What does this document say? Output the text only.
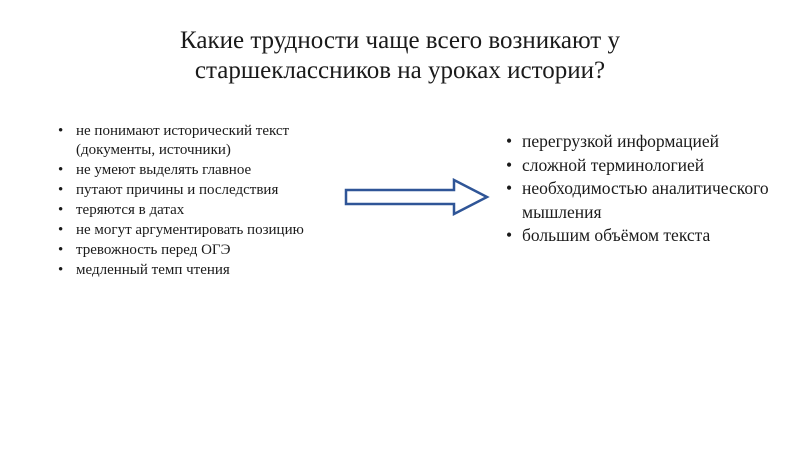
Какие трудности чаще всего возникают у
старшеклассников на уроках истории?
• не понимают исторический текст (документы, источники)
• не умеют выделять главное
• путают причины и последствия
• теряются в датах
• не могут аргументировать позицию
• тревожность перед ОГЭ
• медленный темп чтения
• перегрузкой информацией
• сложной терминологией
• необходимостью аналитического мышления
• большим объёмом текста
